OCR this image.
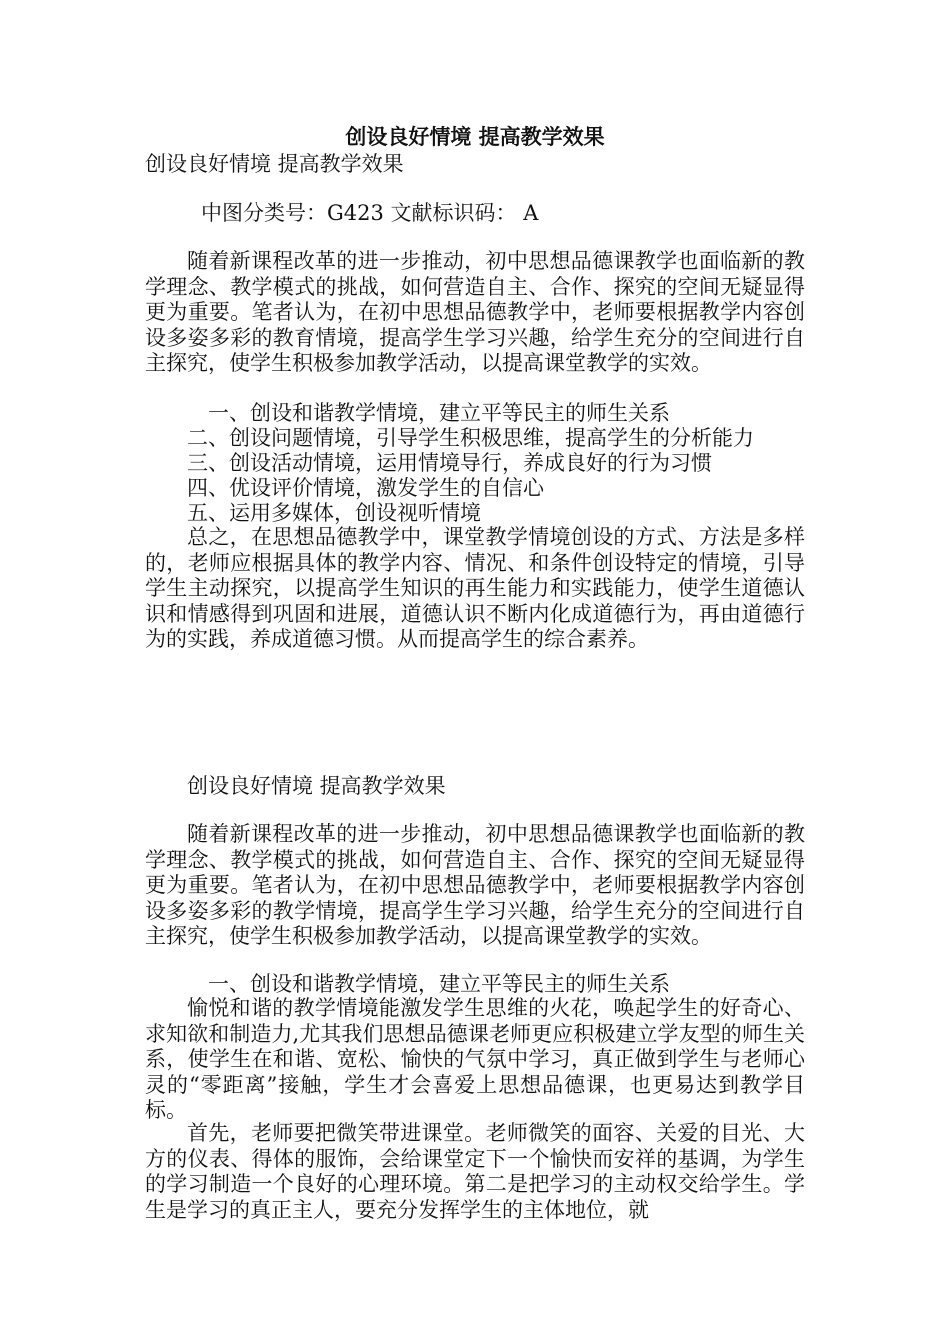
创设良好情境 提高教学效果

创设良好情境 提高教学效果

中图分类号：G423 文献标识码： A

随着新课程改革的进一步推动，初中思想品德课教学也面临新的教学理念、教学模式的挑战，如何营造自主、合作、探究的空间无疑显得更为重要。笔者认为，在初中思想品德教学中，老师要根据教学内容创设多姿多彩的教育情境，提高学生学习兴趣，给学生充分的空间进行自主探究，使学生积极参加教学活动，以提高课堂教学的实效。

一、创设和谐教学情境，建立平等民主的师生关系

二、创设问题情境，引导学生积极思维，提高学生的分析能力

三、创设活动情境，运用情境导行，养成良好的行为习惯

四、优设评价情境，激发学生的自信心

五、运用多媒体，创设视听情境

总之，在思想品德教学中，课堂教学情境创设的方式、方法是多样的，老师应根据具体的教学内容、情况、和条件创设特定的情境，引导学生主动探究，以提高学生知识的再生能力和实践能力，使学生道德认识和情感得到巩固和进展，道德认识不断内化成道德行为，再由道德行为的实践，养成道德习惯。从而提高学生的综合素养。

创设良好情境 提高教学效果

随着新课程改革的进一步推动，初中思想品德课教学也面临新的教学理念、教学模式的挑战，如何营造自主、合作、探究的空间无疑显得更为重要。笔者认为，在初中思想品德教学中，老师要根据教学内容创设多姿多彩的教学情境，提高学生学习兴趣，给学生充分的空间进行自主探究，使学生积极参加教学活动，以提高课堂教学的实效。

一、创设和谐教学情境，建立平等民主的师生关系

愉悦和谐的教学情境能激发学生思维的火花，唤起学生的好奇心、求知欲和制造力,尤其我们思想品德课老师更应积极建立学友型的师生关系，使学生在和谐、宽松、愉快的气氛中学习，真正做到学生与老师心灵的“零距离”接触，学生才会喜爱上思想品德课，也更易达到教学目标。

首先，老师要把微笑带进课堂。老师微笑的面容、关爱的目光、大方的仪表、得体的服饰，会给课堂定下一个愉快而安祥的基调，为学生的学习制造一个良好的心理环境。第二是把学习的主动权交给学生。学生是学习的真正主人，要充分发挥学生的主体地位，就
